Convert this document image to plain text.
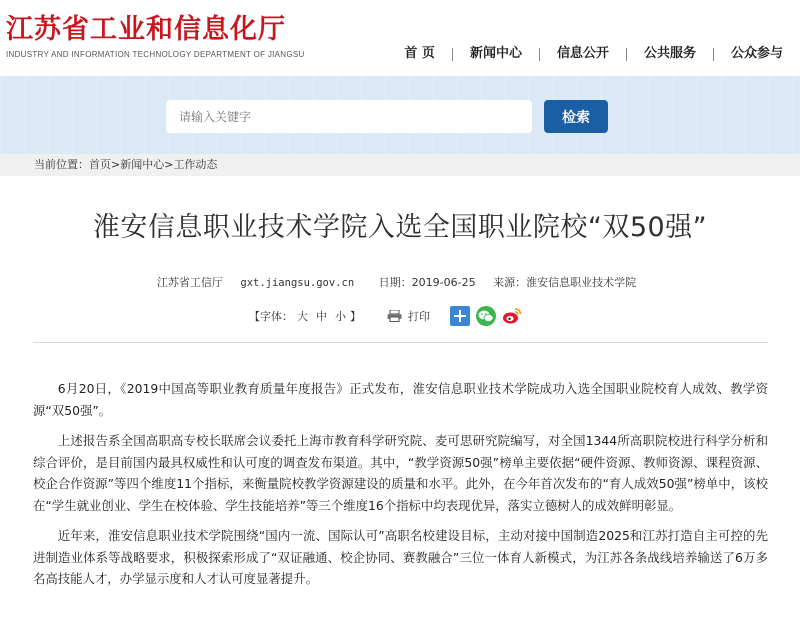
江苏省工业和信息化厅
INDUSTRY AND INFORMATION TECHNOLOGY DEPARTMENT OF JIANGSU	首 页	新闻中心	信息公开	公共服务	公众参与
请输入关键字
检索
当前位置：首页>新闻中心>工作动态
淮安信息职业技术学院入选全国职业院校“双50强”
江苏省工信厅 gxt.jiangsu.gov.cn 日期：2019-06-25 来源：淮安信息职业技术学院
【字体： 大 中 小 】	打印

6月20日，《2019中国高等职业教育质量年度报告》正式发布，淮安信息职业技术学院成功入选全国职业院校育人成效、教学资源“双50强”。

上述报告系全国高职高专校长联席会议委托上海市教育科学研究院、麦可思研究院编写，对全国1344所高职院校进行科学分析和综合评价，是目前国内最具权威性和认可度的调查发布渠道。其中，“教学资源50强”榜单主要依据“硬件资源、教师资源、课程资源、校企合作资源”等四个维度11个指标，来衡量院校教学资源建设的质量和水平。此外，在今年首次发布的“育人成效50强”榜单中，该校在“学生就业创业、学生在校体验、学生技能培养”等三个维度16个指标中均表现优异，落实立德树人的成效鲜明彰显。

近年来，淮安信息职业技术学院围绕“国内一流、国际认可”高职名校建设目标，主动对接中国制造2025和江苏打造自主可控的先进制造业体系等战略要求，积极探索形成了“双证融通、校企协同、赛教融合”三位一体育人新模式，为江苏各条战线培养输送了6万多名高技能人才，办学显示度和人才认可度显著提升。
